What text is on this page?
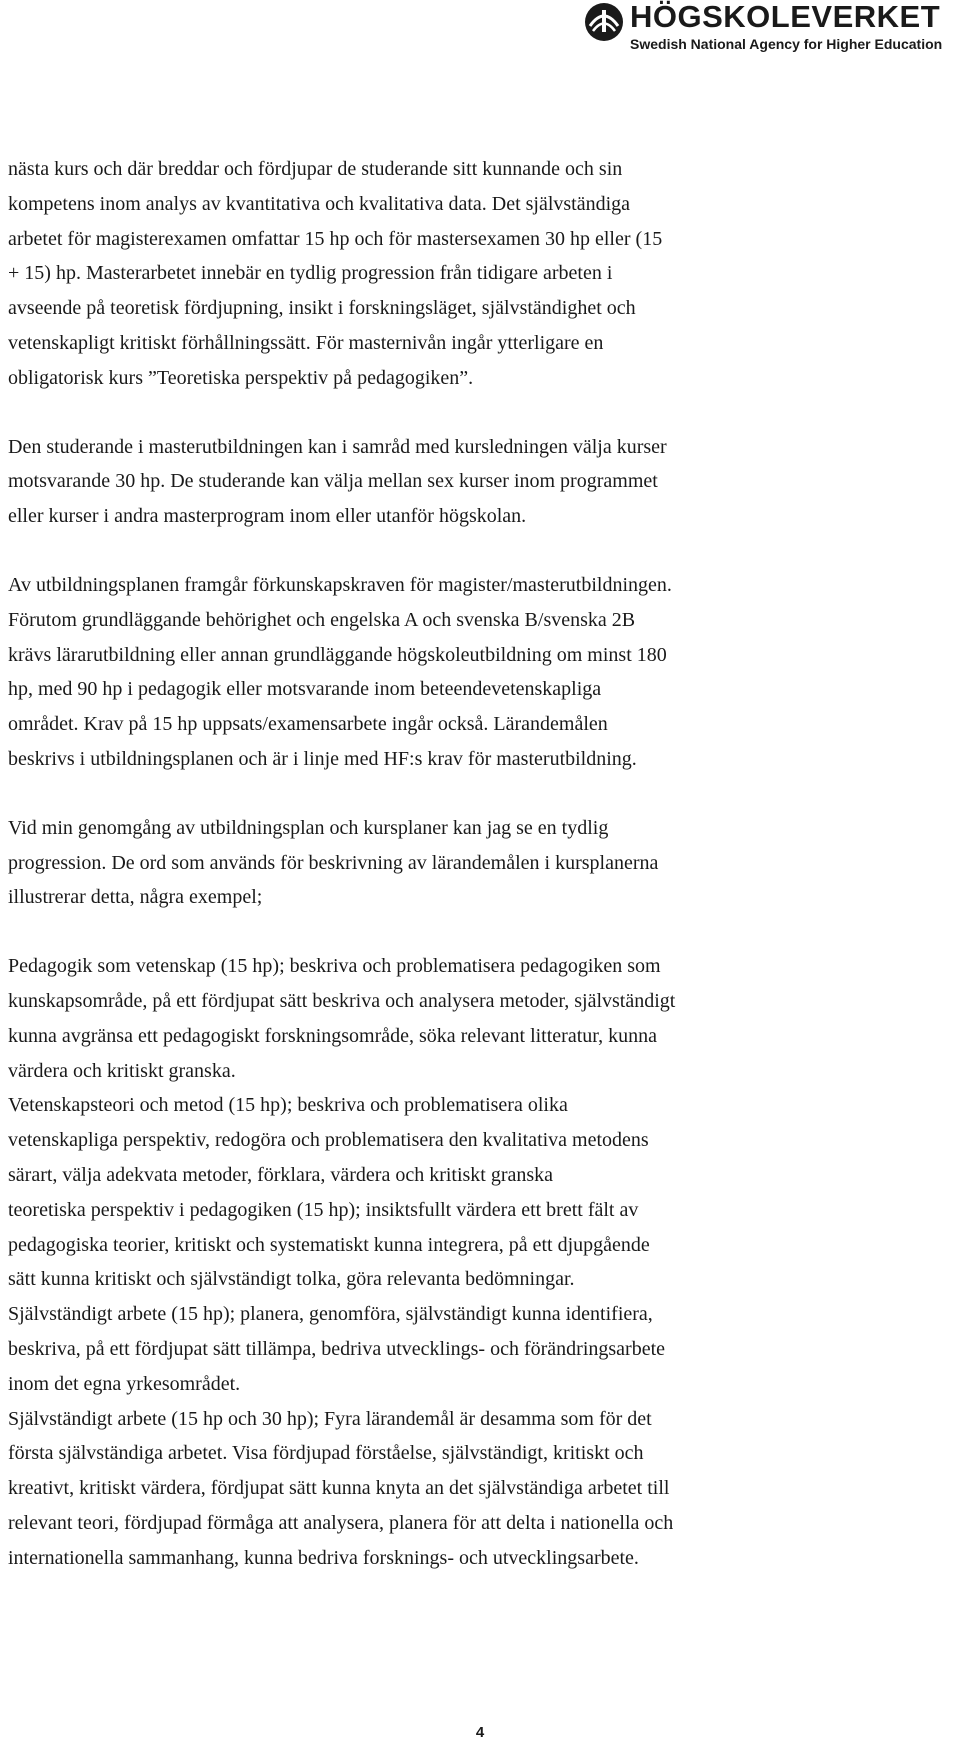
HÖGSKOLEVERKET
Swedish National Agency for Higher Education
nästa kurs och där breddar och fördjupar de studerande sitt kunnande och sin
kompetens inom analys av kvantitativa och kvalitativa data. Det självständiga
arbetet för magisterexamen omfattar 15 hp och för mastersexamen 30 hp eller (15
+ 15) hp. Masterarbetet innebär en tydlig progression från tidigare arbeten i
avseende på teoretisk fördjupning, insikt i forskningsläget, självständighet och
vetenskapligt kritiskt förhållningssätt. För masternivån ingår ytterligare en
obligatorisk kurs ”Teoretiska perspektiv på pedagogiken”.
Den studerande i masterutbildningen kan i samråd med kursledningen välja kurser
motsvarande 30 hp. De studerande kan välja mellan sex kurser inom programmet
eller kurser i andra masterprogram inom eller utanför högskolan.
Av utbildningsplanen framgår förkunskapskraven för magister/masterutbildningen.
Förutom grundläggande behörighet och engelska A och svenska B/svenska 2B
krävs lärarutbildning eller annan grundläggande högskoleutbildning om minst 180
hp, med 90 hp i pedagogik eller motsvarande inom beteendevetenskapliga
området. Krav på 15 hp uppsats/examensarbete ingår också. Lärandemålen
beskrivs i utbildningsplanen och är i linje med HF:s krav för masterutbildning.
Vid min genomgång av utbildningsplan och kursplaner kan jag se en tydlig
progression. De ord som används för beskrivning av lärandemålen i kursplanerna
illustrerar detta, några exempel;
Pedagogik som vetenskap (15 hp); beskriva och problematisera pedagogiken som
kunskapsområde, på ett fördjupat sätt beskriva och analysera metoder, självständigt
kunna avgränsa ett pedagogiskt forskningsområde, söka relevant litteratur, kunna
värdera och kritiskt granska.
Vetenskapsteori och metod (15 hp); beskriva och problematisera olika
vetenskapliga perspektiv, redogöra och problematisera den kvalitativa metodens
särart, välja adekvata metoder, förklara, värdera och kritiskt granska
teoretiska perspektiv i pedagogiken (15 hp); insiktsfullt värdera ett brett fält av
pedagogiska teorier, kritiskt och systematiskt kunna integrera, på ett djupgående
sätt kunna kritiskt och självständigt tolka, göra relevanta bedömningar.
Självständigt arbete (15 hp); planera, genomföra, självständigt kunna identifiera,
beskriva, på ett fördjupat sätt tillämpa, bedriva utvecklings- och förändringsarbete
inom det egna yrkesområdet.
Självständigt arbete (15 hp och 30 hp); Fyra lärandemål är desamma som för det
första självständiga arbetet. Visa fördjupad förståelse, självständigt, kritiskt och
kreativt, kritiskt värdera, fördjupat sätt kunna knyta an det självständiga arbetet till
relevant teori, fördjupad förmåga att analysera, planera för att delta i nationella och
internationella sammanhang, kunna bedriva forsknings- och utvecklingsarbete.
4
